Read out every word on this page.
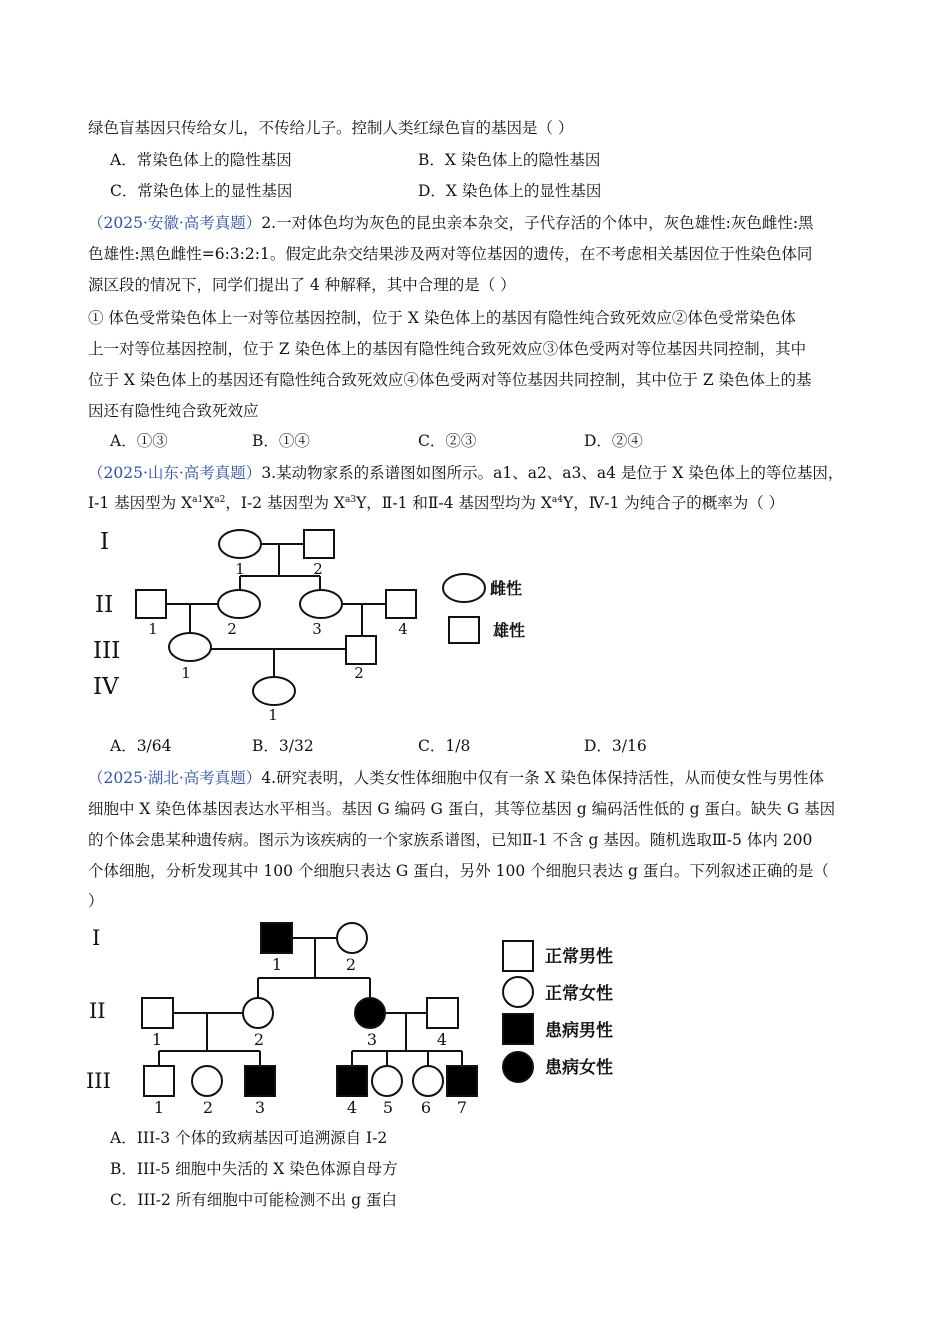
绿色盲基因只传给女儿，不传给儿子。控制人类红绿色盲的基因是（ ）
A．常染色体上的隐性基因	B．X 染色体上的隐性基因
C．常染色体上的显性基因	D．X 染色体上的显性基因
（2025·安徽·高考真题）2.一对体色均为灰色的昆虫亲本杂交，子代存活的个体中，灰色雄性:灰色雌性:黑
色雄性:黑色雌性=6:3:2:1。假定此杂交结果涉及两对等位基因的遗传，在不考虑相关基因位于性染色体同
源区段的情况下，同学们提出了 4 种解释，其中合理的是（ ）
① 体色受常染色体上一对等位基因控制，位于 X 染色体上的基因有隐性纯合致死效应②体色受常染色体
上一对等位基因控制，位于 Z 染色体上的基因有隐性纯合致死效应③体色受两对等位基因共同控制，其中
位于 X 染色体上的基因还有隐性纯合致死效应④体色受两对等位基因共同控制，其中位于 Z 染色体上的基
因还有隐性纯合致死效应
A．①③	B．①④	C．②③	D．②④
（2025·山东·高考真题）3.某动物家系的系谱图如图所示。a1、a2、a3、a4 是位于 X 染色体上的等位基因，
Ⅰ-1 基因型为 $X^{a1}X^{a2}$，Ⅰ-2 基因型为 $X^{a3}Y$，Ⅱ-1 和Ⅱ-4 基因型均为 $X^{a4}Y$，Ⅳ-1 为纯合子的概率为（ ）
I
II
III
IV
1	2
1	2	3	4
1	2
1
雌性
雄性
A．3/64	B．3/32	C．1/8	D．3/16
（2025·湖北·高考真题）4.研究表明，人类女性体细胞中仅有一条 X 染色体保持活性，从而使女性与男性体
细胞中 X 染色体基因表达水平相当。基因 G 编码 G 蛋白，其等位基因 g 编码活性低的 g 蛋白。缺失 G 基因
的个体会患某种遗传病。图示为该疾病的一个家族系谱图，已知Ⅱ-1 不含 g 基因。随机选取Ⅲ-5 体内 200
个体细胞，分析发现其中 100 个细胞只表达 G 蛋白，另外 100 个细胞只表达 g 蛋白。下列叙述正确的是（
）
I
II
III
1	2
1	2	3	4
1 2	3	4 5 6 7
正常男性
正常女性
患病男性
患病女性
A．III-3 个体的致病基因可追溯源自 I-2
B．III-5 细胞中失活的 X 染色体源自母方
C．III-2 所有细胞中可能检测不出 g 蛋白
